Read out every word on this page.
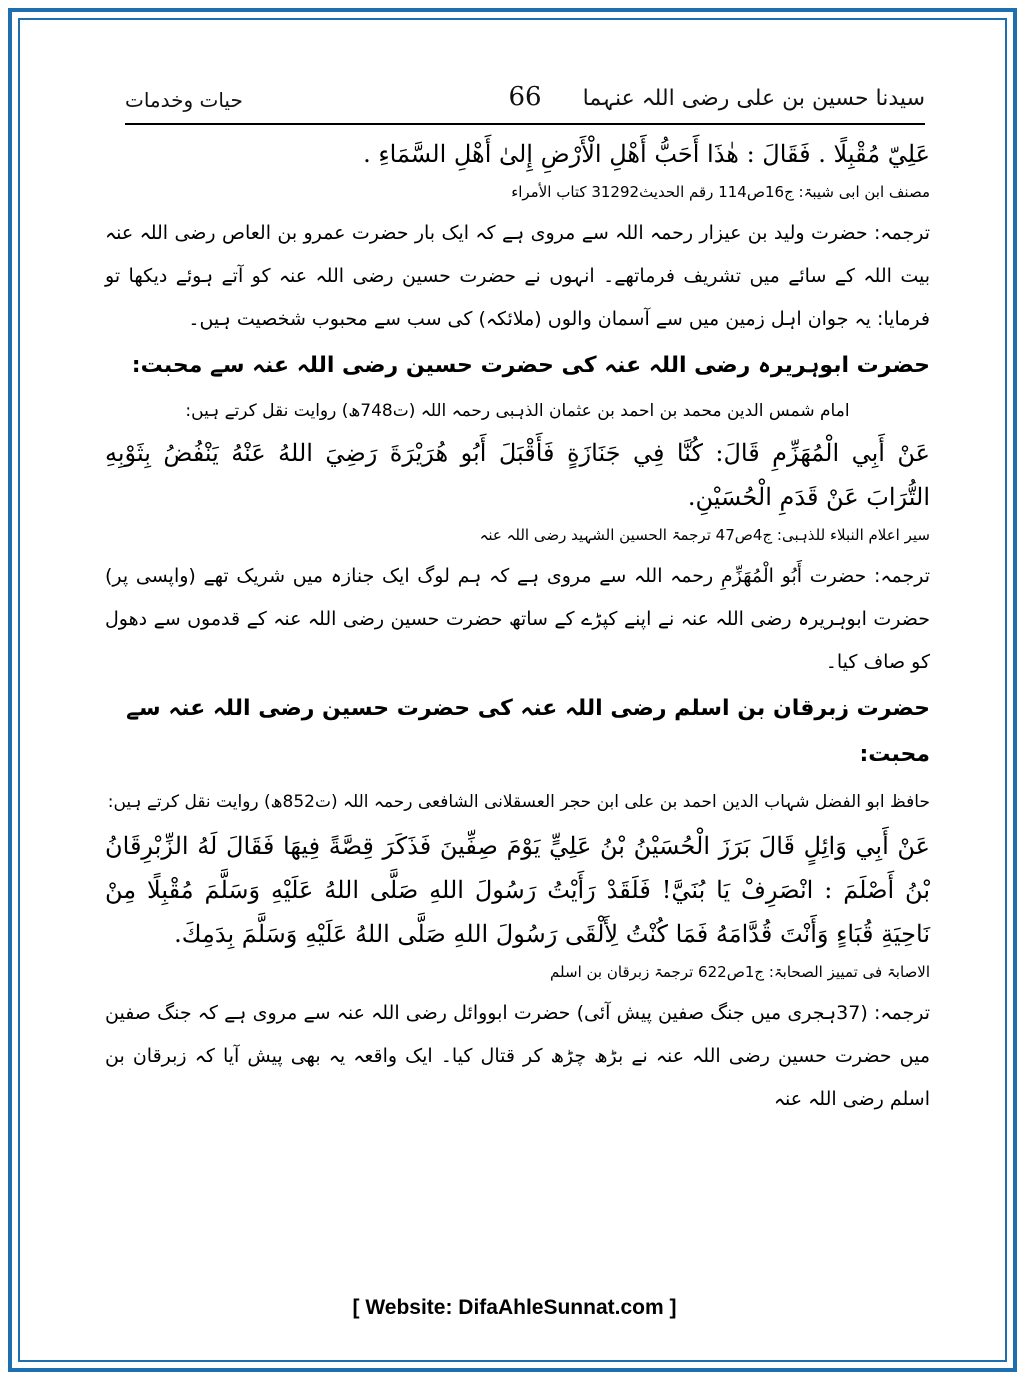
سیدنا حسین بن علی رضی اللہ عنہما
66
حیات وخدمات
عَلِيّ مُقْبِلًا . فَقَالَ : هٰذَا أَحَبُّ أَهْلِ الْأَرْضِ إِلىٰ أَهْلِ السَّمَاءِ .
مصنف ابن ابی شیبۃ: ج16ص114 رقم الحدیث31292 کتاب الأمراء
ترجمہ: حضرت ولید بن عیزار رحمہ اللہ سے مروی ہے کہ ایک بار حضرت عمرو بن العاص رضی اللہ عنہ بیت اللہ کے سائے میں تشریف فرماتھے۔ انہوں نے حضرت حسین رضی اللہ عنہ کو آتے ہوئے دیکھا تو فرمایا: یہ جوان اہل زمین میں سے آسمان والوں (ملائکہ) کی سب سے محبوب شخصیت ہیں۔
حضرت ابوہریرہ رضی اللہ عنہ کی حضرت حسین رضی اللہ عنہ سے محبت:
امام شمس الدین محمد بن احمد بن عثمان الذہبی رحمہ اللہ (ت748ھ) روایت نقل کرتے ہیں:
عَنْ أَبِي الْمُهَزِّمِ قَالَ: كُنَّا فِي جَنَازَةٍ فَأَقْبَلَ أَبُو هُرَيْرَةَ رَضِيَ اللهُ عَنْهُ يَنْفُضُ بِثَوْبِهِ التُّرَابَ عَنْ قَدَمِ الْحُسَيْنِ.
سیر اعلام النبلاء للذہبی: ج4ص47 ترجمۃ الحسین الشہید رضی اللہ عنہ
ترجمہ: حضرت أَبُو الْمُهَزِّمِ رحمہ اللہ سے مروی ہے کہ ہم لوگ ایک جنازہ میں شریک تھے (واپسی پر) حضرت ابوہریرہ رضی اللہ عنہ نے اپنے کپڑے کے ساتھ حضرت حسین رضی اللہ عنہ کے قدموں سے دھول کو صاف کیا۔
حضرت زبرقان بن اسلم رضی اللہ عنہ کی حضرت حسین رضی اللہ عنہ سے محبت:
حافظ ابو الفضل شہاب الدین احمد بن علی ابن حجر العسقلانی الشافعی رحمہ اللہ (ت852ھ) روایت نقل کرتے ہیں:
عَنْ أَبِي وَائِلٍ قَالَ بَرَزَ الْحُسَيْنُ بْنُ عَلِيٍّ يَوْمَ صِفِّينَ فَذَكَرَ قِصَّةً فِيهَا فَقَالَ لَهُ الزِّبْرِقَانُ بْنُ أَصْلَمَ : انْصَرِفْ يَا بُنَيَّ! فَلَقَدْ رَأَيْتُ رَسُولَ اللهِ صَلَّى اللهُ عَلَيْهِ وَسَلَّمَ مُقْبِلًا مِنْ نَاحِيَةِ قُبَاءٍ وَأَنْتَ قُدَّامَهُ فَمَا كُنْتُ لِأَلْقَى رَسُولَ اللهِ صَلَّى اللهُ عَلَيْهِ وَسَلَّمَ بِدَمِكَ.
الاصابۃ فی تمییز الصحابۃ: ج1ص622 ترجمۃ زبرقان بن اسلم
ترجمہ: (37ہجری میں جنگ صفین پیش آئی) حضرت ابووائل رضی اللہ عنہ سے مروی ہے کہ جنگ صفین میں حضرت حسین رضی اللہ عنہ نے بڑھ چڑھ کر قتال کیا۔ ایک واقعہ یہ بھی پیش آیا کہ زبرقان بن اسلم رضی اللہ عنہ
[ Website: DifaAhleSunnat.com ]
